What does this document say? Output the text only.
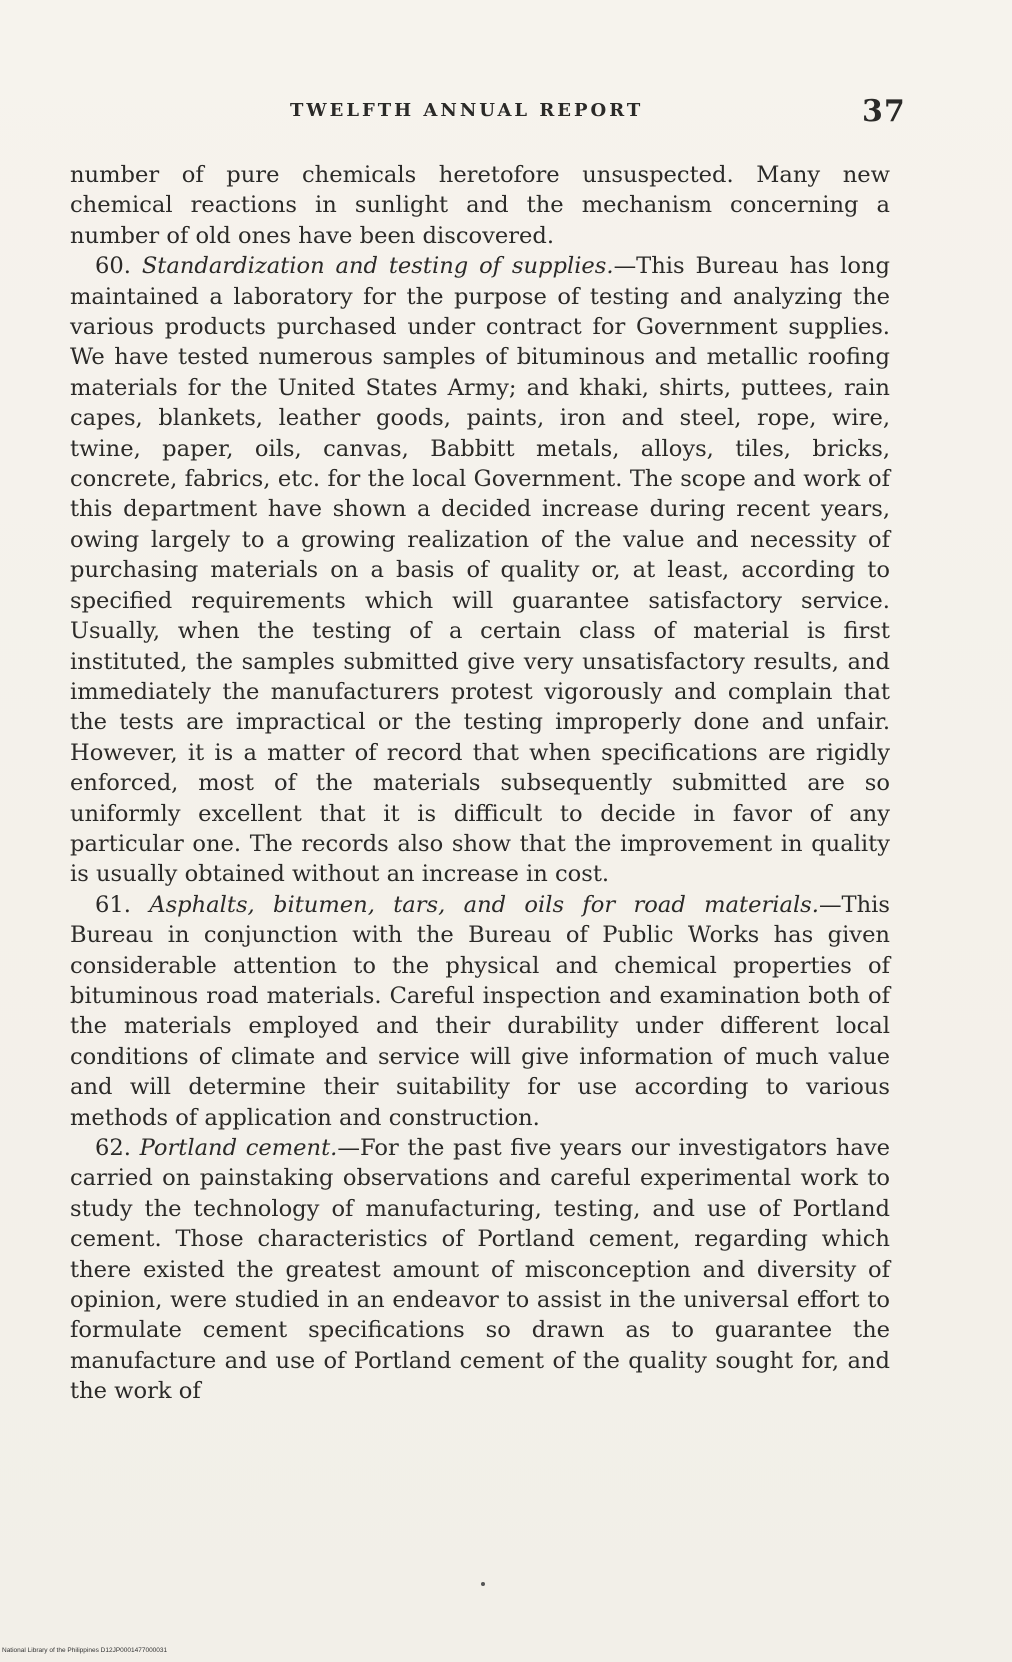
TWELFTH ANNUAL REPORT	37

number of pure chemicals heretofore unsuspected. Many new chemical reactions in sunlight and the mechanism concerning a number of old ones have been discovered.

60. Standardization and testing of supplies.—This Bureau has long maintained a laboratory for the purpose of testing and analyzing the various products purchased under contract for Government supplies. We have tested numerous samples of bituminous and metallic roofing materials for the United States Army; and khaki, shirts, puttees, rain capes, blankets, leather goods, paints, iron and steel, rope, wire, twine, paper, oils, canvas, Babbitt metals, alloys, tiles, bricks, concrete, fabrics, etc. for the local Government. The scope and work of this department have shown a decided increase during recent years, owing largely to a growing realization of the value and necessity of purchasing materials on a basis of quality or, at least, according to specified requirements which will guarantee satisfactory service. Usually, when the testing of a certain class of material is first instituted, the samples submitted give very unsatisfactory results, and immediately the manufacturers protest vigorously and complain that the tests are impractical or the testing improperly done and unfair. However, it is a matter of record that when specifications are rigidly enforced, most of the materials subsequently submitted are so uniformly excellent that it is difficult to decide in favor of any particular one. The records also show that the improvement in quality is usually obtained without an increase in cost.

61. Asphalts, bitumen, tars, and oils for road materials.—This Bureau in conjunction with the Bureau of Public Works has given considerable attention to the physical and chemical properties of bituminous road materials. Careful inspection and examination both of the materials employed and their durability under different local conditions of climate and service will give information of much value and will determine their suitability for use according to various methods of application and construction.

62. Portland cement.—For the past five years our investigators have carried on painstaking observations and careful experimental work to study the technology of manufacturing, testing, and use of Portland cement. Those characteristics of Portland cement, regarding which there existed the greatest amount of misconception and diversity of opinion, were studied in an endeavor to assist in the universal effort to formulate cement specifications so drawn as to guarantee the manufacture and use of Portland cement of the quality sought for, and the work of

National Library of the Philippines D12JP0001477000031
